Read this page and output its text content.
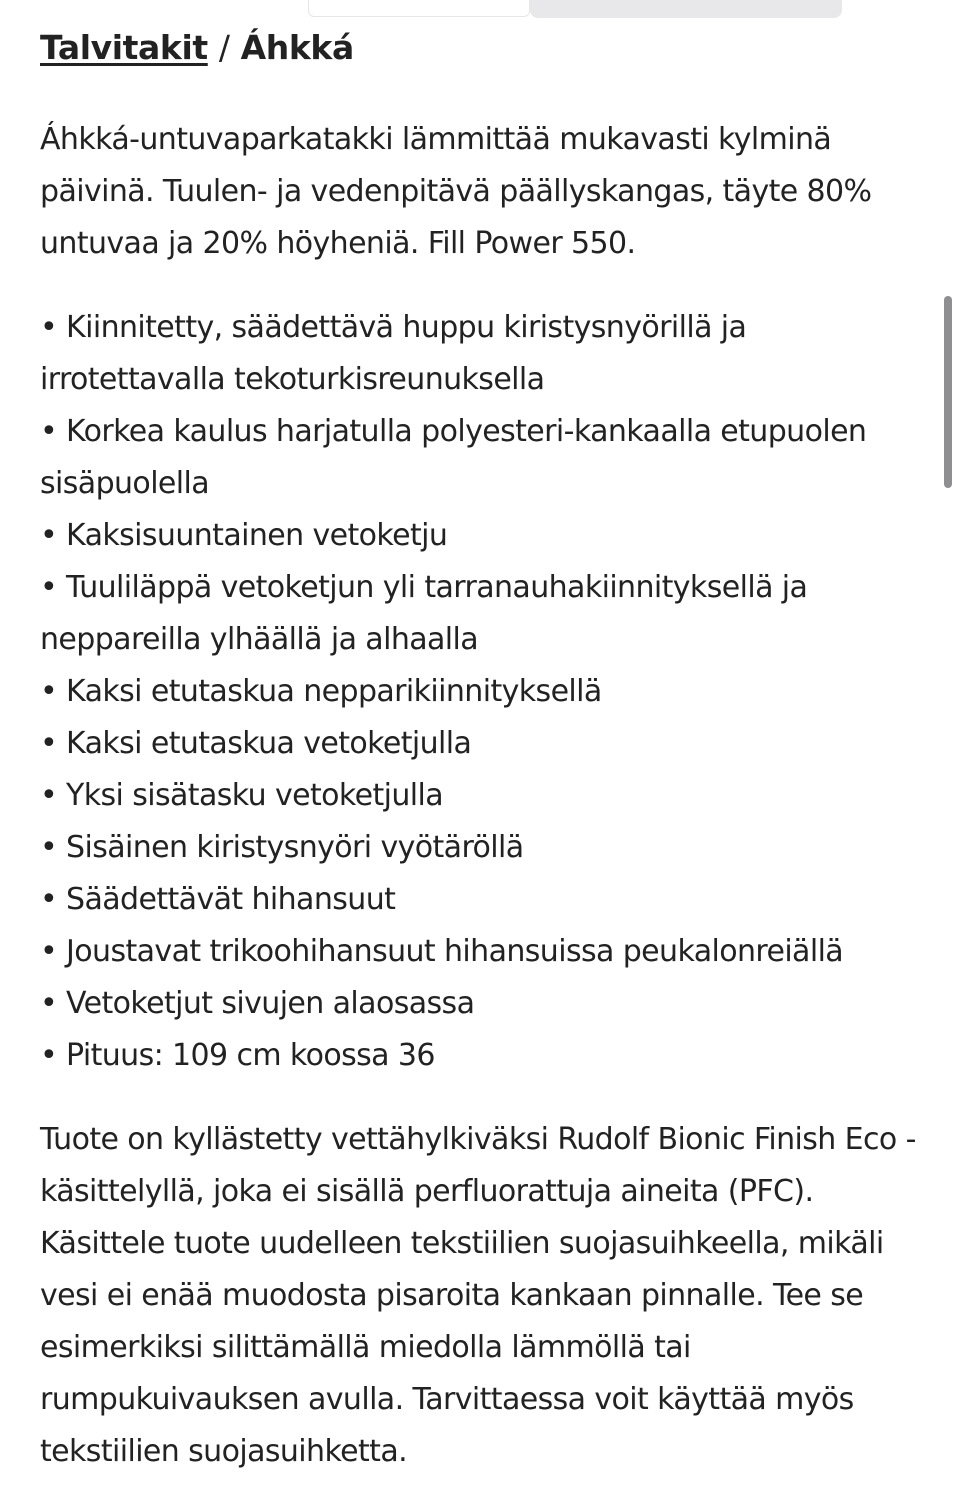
Talvitakit / Áhkká

Áhkká-untuvaparkatakki lämmittää mukavasti kylminä päivinä. Tuulen- ja vedenpitävä päällyskangas, täyte 80% untuvaa ja 20% höyheniä. Fill Power 550.

• Kiinnitetty, säädettävä huppu kiristysnyörillä ja irrotettavalla tekoturkisreunuksella
• Korkea kaulus harjatulla polyesteri-kankaalla etupuolen sisäpuolella
• Kaksisuuntainen vetoketju
• Tuuliläppä vetoketjun yli tarranauhakiinnityksellä ja neppareilla ylhäällä ja alhaalla
• Kaksi etutaskua nepparikiinnityksellä
• Kaksi etutaskua vetoketjulla
• Yksi sisätasku vetoketjulla
• Sisäinen kiristysnyöri vyötäröllä
• Säädettävät hihansuut
• Joustavat trikoohihansuut hihansuissa peukalonreiällä
• Vetoketjut sivujen alaosassa
• Pituus: 109 cm koossa 36

Tuote on kyllästetty vettähylkiväksi Rudolf Bionic Finish Eco -käsittelyllä, joka ei sisällä perfluorattuja aineita (PFC). Käsittele tuote uudelleen tekstiilien suojasuihkeella, mikäli vesi ei enää muodosta pisaroita kankaan pinnalle. Tee se esimerkiksi silittämällä miedolla lämmöllä tai rumpukuivauksen avulla. Tarvittaessa voit käyttää myös tekstiilien suojasuihketta.
